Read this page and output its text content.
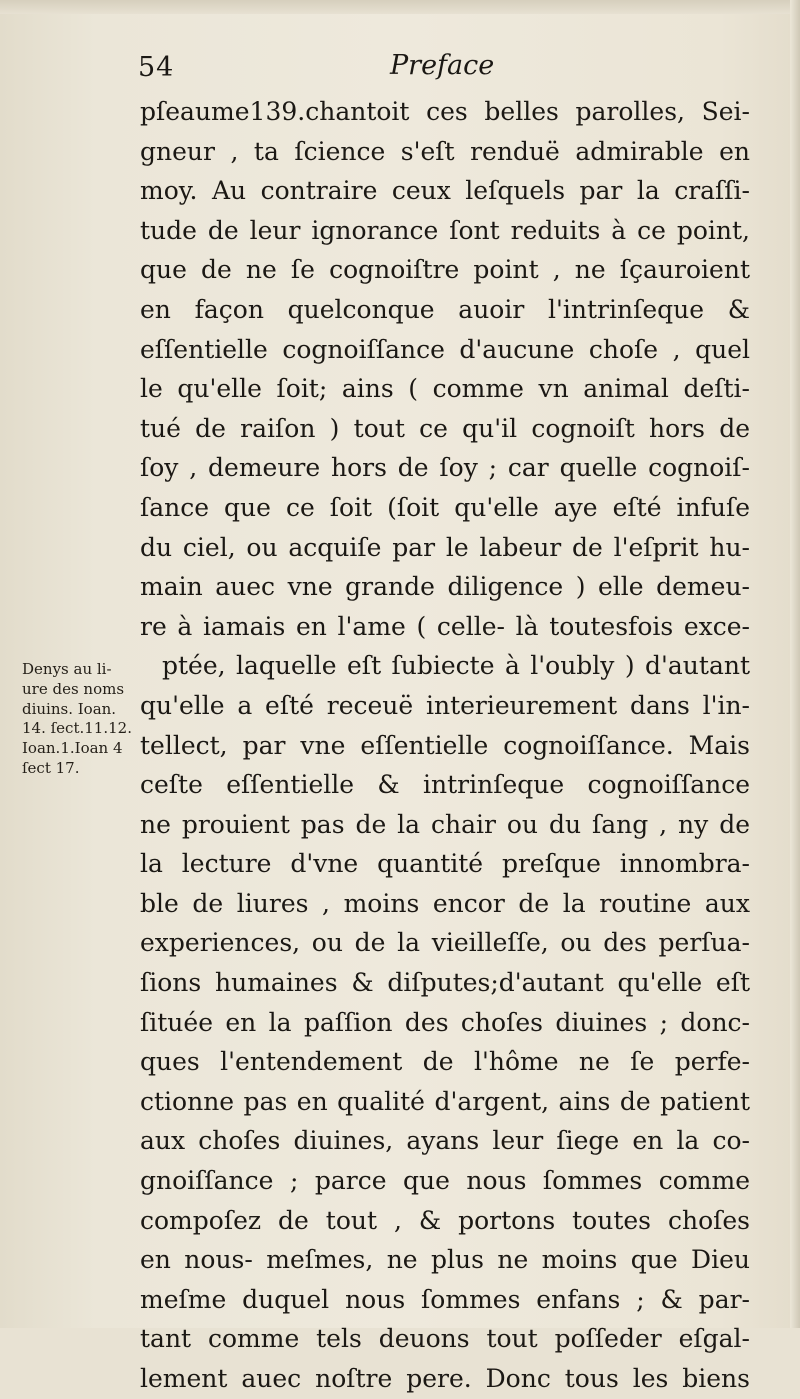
54	Preface
pſeaume139.chantoit ces belles parolles, Sei-
gneur , ta ſcience s'eſt renduë admirable en
moy. Au contraire ceux leſquels par la craſſi-
tude de leur ignorance ſont reduits à ce point,
que de ne ſe cognoiſtre point , ne ſçauroient
en façon quelconque auoir l'intrinſeque &
eſſentielle cognoiſſance d'aucune choſe , quel
le qu'elle ſoit; ains ( comme vn animal deſti-
tué de raiſon ) tout ce qu'il cognoiſt hors de
ſoy , demeure hors de ſoy ; car quelle cognoiſ-
ſance que ce ſoit (ſoit qu'elle aye eſté infuſe
du ciel, ou acquiſe par le labeur de l'eſprit hu-
main auec vne grande diligence ) elle demeu-
re à iamais en l'ame ( celle- là toutesfois exce-
ptée, laquelle eſt ſubiecte à l'oubly ) d'autant
qu'elle a eſté receuë interieurement dans l'in-
tellect, par vne eſſentielle cognoiſſance. Mais
ceſte eſſentielle & intrinſeque cognoiſſance
ne prouient pas de la chair ou du ſang , ny de
la lecture d'vne quantité preſque innombra-
ble de liures , moins encor de la routine aux
experiences, ou de la vieilleſſe, ou des perſua-
ſions humaines & diſputes;d'autant qu'elle eſt
ſituée en la paſſion des choſes diuines ; donc-
ques l'entendement de l'hôme ne ſe perfe-
ctionne pas en qualité d'argent, ains de patient
aux choſes diuines, ayans leur ſiege en la co-
gnoiſſance ; parce que nous ſommes comme
compoſez de tout , & portons toutes choſes
en nous- meſmes, ne plus ne moins que Dieu
meſme duquel nous ſommes enfans ; & par-
tant comme tels deuons tout poſſeder eſgal-
lement auec noſtre pere. Donc tous les biens
Denys au li-
ure des noms
diuins. Ioan.
14. ſect.11.12.
Ioan.1.Ioan 4
ſect 17.
